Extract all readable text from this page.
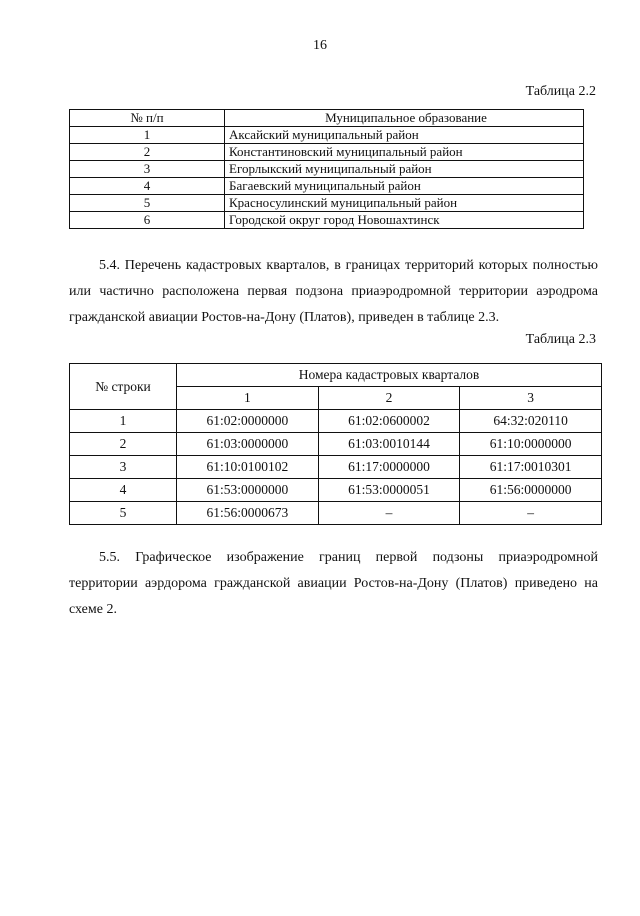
16
Таблица 2.2
№ п/п	Муниципальное образование
1	Аксайский муниципальный район
2	Константиновский муниципальный район
3	Егорлыкский муниципальный район
4	Багаевский муниципальный район
5	Красносулинский муниципальный район
6	Городской округ город Новошахтинск

5.4. Перечень кадастровых кварталов, в границах территорий которых полностью или частично расположена первая подзона приаэродромной территории аэродрома гражданской авиации Ростов-на-Дону (Платов), приведен в таблице 2.3.

Таблица 2.3
№ строки	Номера кадастровых кварталов		
	1	2	3
1	61:02:0000000	61:02:0600002	64:32:020110
2	61:03:0000000	61:03:0010144	61:10:0000000
3	61:10:0100102	61:17:0000000	61:17:0010301
4	61:53:0000000	61:53:0000051	61:56:0000000
5	61:56:0000673	–	–

5.5. Графическое изображение границ первой подзоны приаэродромной территории аэрдорома гражданской авиации Ростов-на-Дону (Платов) приведено на схеме 2.
